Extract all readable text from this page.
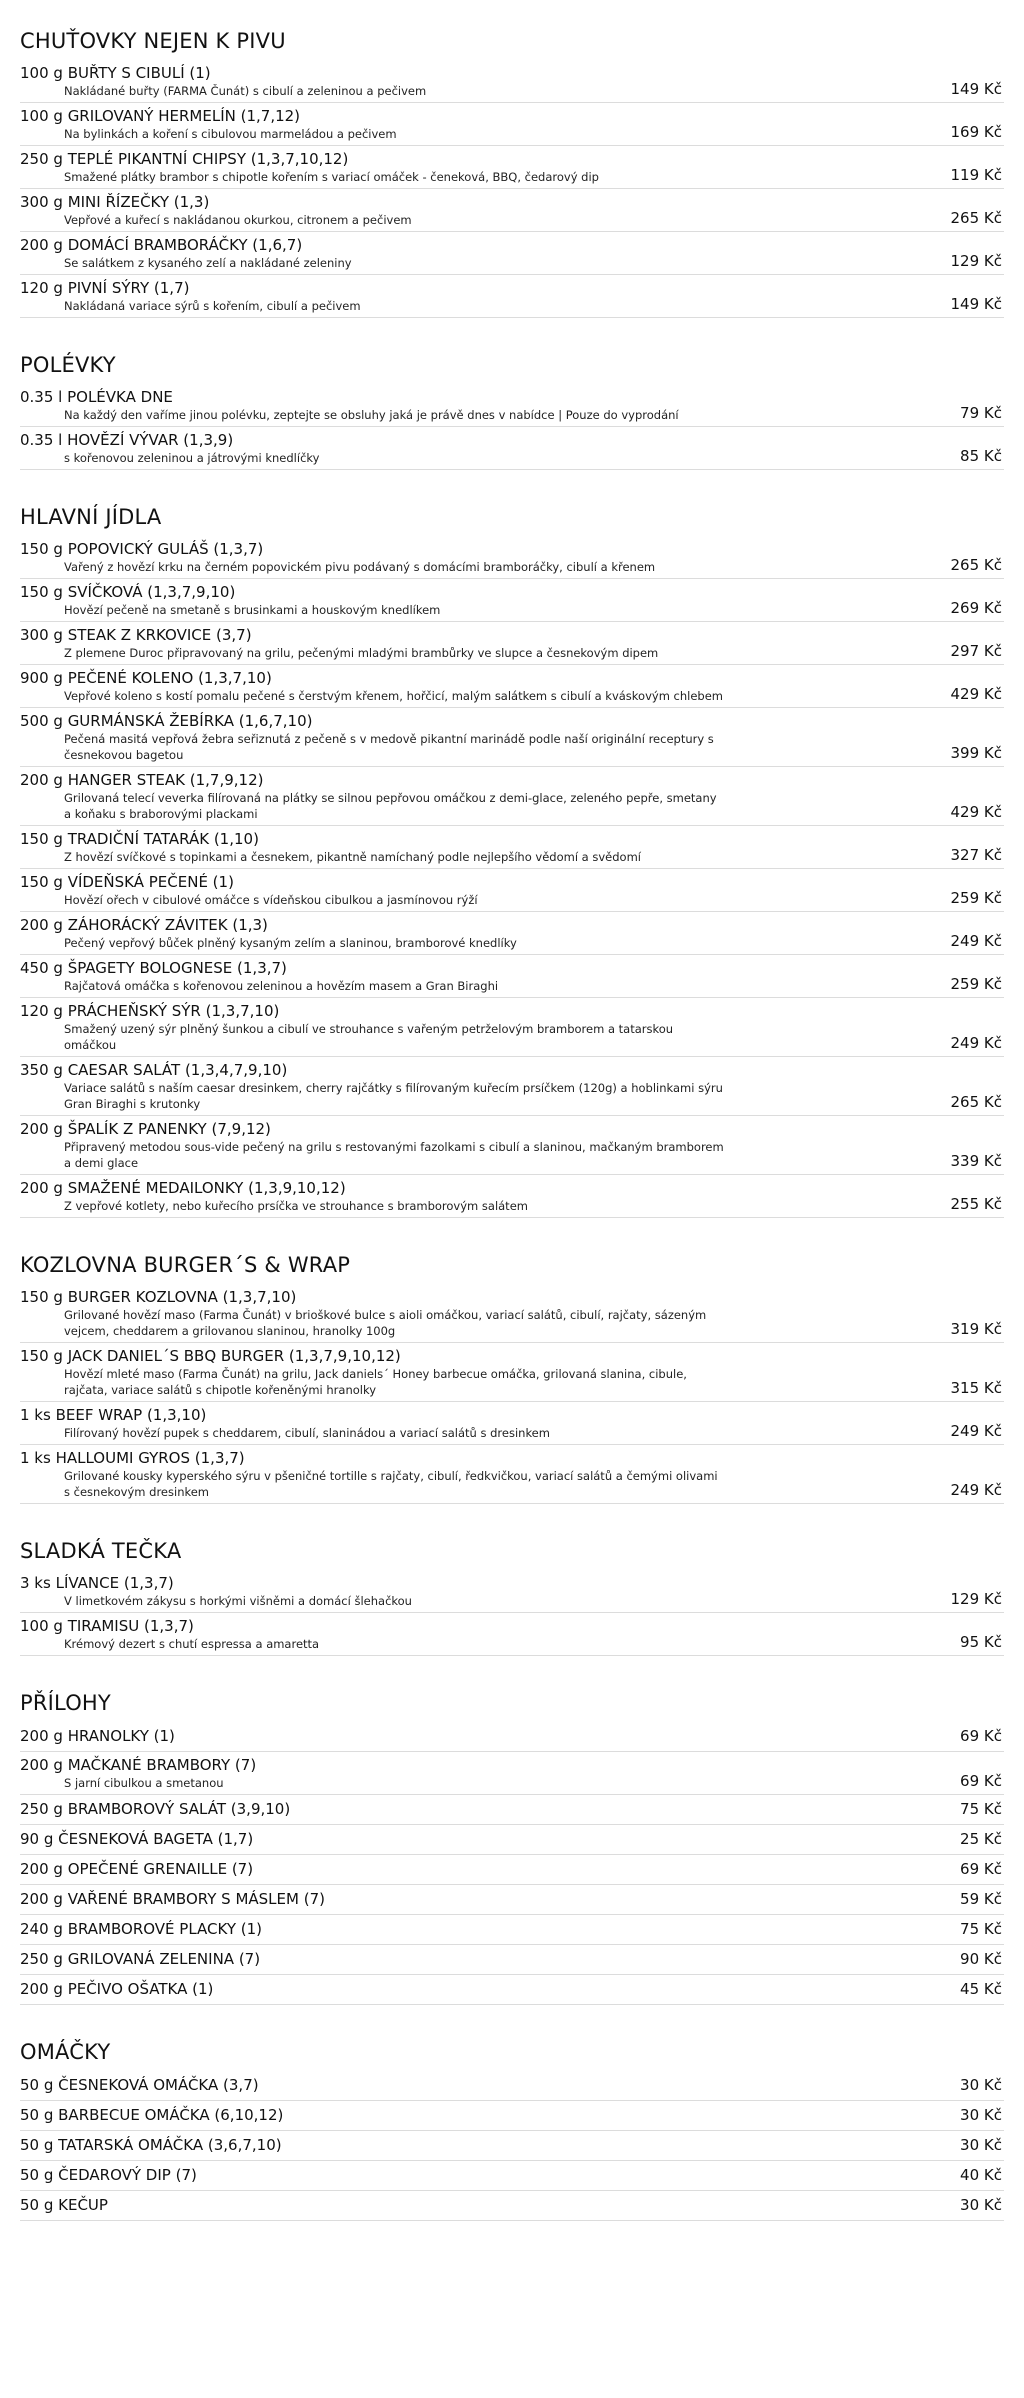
CHUŤOVKY NEJEN K PIVU
100 g BUŘTY S CIBULÍ (1)
Nakládané buřty (FARMA Čunát) s cibulí a zeleninou a pečivem	149 Kč
100 g GRILOVANÝ HERMELÍN (1,7,12)
Na bylinkách a koření s cibulovou marmeládou a pečivem	169 Kč
250 g TEPLÉ PIKANTNÍ CHIPSY (1,3,7,10,12)
Smažené plátky brambor s chipotle kořením s variací omáček - čeneková, BBQ, čedarový dip	119 Kč
300 g MINI ŘÍZEČKY (1,3)
Vepřové a kuřecí s nakládanou okurkou, citronem a pečivem	265 Kč
200 g DOMÁCÍ BRAMBORÁČKY (1,6,7)
Se salátkem z kysaného zelí a nakládané zeleniny	129 Kč
120 g PIVNÍ SÝRY (1,7)
Nakládaná variace sýrů s kořením, cibulí a pečivem	149 Kč
POLÉVKY
0.35 l POLÉVKA DNE
Na každý den vaříme jinou polévku, zeptejte se obsluhy jaká je právě dnes v nabídce | Pouze do vyprodání	79 Kč
0.35 l HOVĚZÍ VÝVAR (1,3,9)
s kořenovou zeleninou a játrovými knedlíčky	85 Kč
HLAVNÍ JÍDLA
150 g POPOVICKÝ GULÁŠ (1,3,7)
Vařený z hovězí krku na černém popovickém pivu podávaný s domácími bramboráčky, cibulí a křenem	265 Kč
150 g SVÍČKOVÁ (1,3,7,9,10)
Hovězí pečeně na smetaně s brusinkami a houskovým knedlíkem	269 Kč
300 g STEAK Z KRKOVICE (3,7)
Z plemene Duroc připravovaný na grilu, pečenými mladými brambůrky ve slupce a česnekovým dipem	297 Kč
900 g PEČENÉ KOLENO (1,3,7,10)
Vepřové koleno s kostí pomalu pečené s čerstvým křenem, hořčicí, malým salátkem s cibulí a kváskovým chlebem	429 Kč
500 g GURMÁNSKÁ ŽEBÍRKA (1,6,7,10)
Pečená masitá vepřová žebra seřiznutá z pečeně s v medově pikantní marinádě podle naší originální receptury s česnekovou bagetou	399 Kč
200 g HANGER STEAK (1,7,9,12)
Grilovaná telecí veverka filírovaná na plátky se silnou pepřovou omáčkou z demi-glace, zeleného pepře, smetany a koňaku s braborovými plackami	429 Kč
150 g TRADIČNÍ TATARÁK (1,10)
Z hovězí svíčkové s topinkami a česnekem, pikantně namíchaný podle nejlepšího vědomí a svědomí	327 Kč
150 g VÍDEŇSKÁ PEČENÉ (1)
Hovězí ořech v cibulové omáčce s vídeňskou cibulkou a jasmínovou rýží	259 Kč
200 g ZÁHORÁCKÝ ZÁVITEK (1,3)
Pečený vepřový bůček plněný kysaným zelím a slaninou, bramborové knedlíky	249 Kč
450 g ŠPAGETY BOLOGNESE (1,3,7)
Rajčatová omáčka s kořenovou zeleninou a hovězím masem a Gran Biraghi	259 Kč
120 g PRÁCHEŇSKÝ SÝR (1,3,7,10)
Smažený uzený sýr plněný šunkou a cibulí ve strouhance s vařeným petrželovým bramborem a tatarskou omáčkou	249 Kč
350 g CAESAR SALÁT (1,3,4,7,9,10)
Variace salátů s naším caesar dresinkem, cherry rajčátky s filírovaným kuřecím prsíčkem (120g) a hoblinkami sýru Gran Biraghi s krutonky	265 Kč
200 g ŠPALÍK Z PANENKY (7,9,12)
Připravený metodou sous-vide pečený na grilu s restovanými fazolkami s cibulí a slaninou, mačkaným bramborem a demi glace	339 Kč
200 g SMAŽENÉ MEDAILONKY (1,3,9,10,12)
Z vepřové kotlety, nebo kuřecího prsíčka ve strouhance s bramborovým salátem	255 Kč
KOZLOVNA BURGER´S & WRAP
150 g BURGER KOZLOVNA (1,3,7,10)
Grilované hovězí maso (Farma Čunát) v brioškové bulce s aioli omáčkou, variací salátů, cibulí, rajčaty, sázeným vejcem, cheddarem a grilovanou slaninou, hranolky 100g	319 Kč
150 g JACK DANIEL´S BBQ BURGER (1,3,7,9,10,12)
Hovězí mleté maso (Farma Čunát) na grilu, Jack daniels´ Honey barbecue omáčka, grilovaná slanina, cibule, rajčata, variace salátů s chipotle kořeněnými hranolky	315 Kč
1 ks BEEF WRAP (1,3,10)
Filírovaný hovězí pupek s cheddarem, cibulí, slaninádou a variací salátů s dresinkem	249 Kč
1 ks HALLOUMI GYROS (1,3,7)
Grilované kousky kyperského sýru v pšeničné tortille s rajčaty, cibulí, ředkvičkou, variací salátů a čemými olivami s česnekovým dresinkem	249 Kč
SLADKÁ TEČKA
3 ks LÍVANCE (1,3,7)
V limetkovém zákysu s horkými višněmi a domácí šlehačkou	129 Kč
100 g TIRAMISU (1,3,7)
Krémový dezert s chutí espressa a amaretta	95 Kč
PŘÍLOHY
200 g HRANOLKY (1)	69 Kč
200 g MAČKANÉ BRAMBORY (7)
S jarní cibulkou a smetanou	69 Kč
250 g BRAMBOROVÝ SALÁT (3,9,10)	75 Kč
90 g ČESNEKOVÁ BAGETA (1,7)	25 Kč
200 g OPEČENÉ GRENAILLE (7)	69 Kč
200 g VAŘENÉ BRAMBORY S MÁSLEM (7)	59 Kč
240 g BRAMBOROVÉ PLACKY (1)	75 Kč
250 g GRILOVANÁ ZELENINA (7)	90 Kč
200 g PEČIVO OŠATKA (1)	45 Kč
OMÁČKY
50 g ČESNEKOVÁ OMÁČKA (3,7)	30 Kč
50 g BARBECUE OMÁČKA (6,10,12)	30 Kč
50 g TATARSKÁ OMÁČKA (3,6,7,10)	30 Kč
50 g ČEDAROVÝ DIP (7)	40 Kč
50 g KEČUP	30 Kč
